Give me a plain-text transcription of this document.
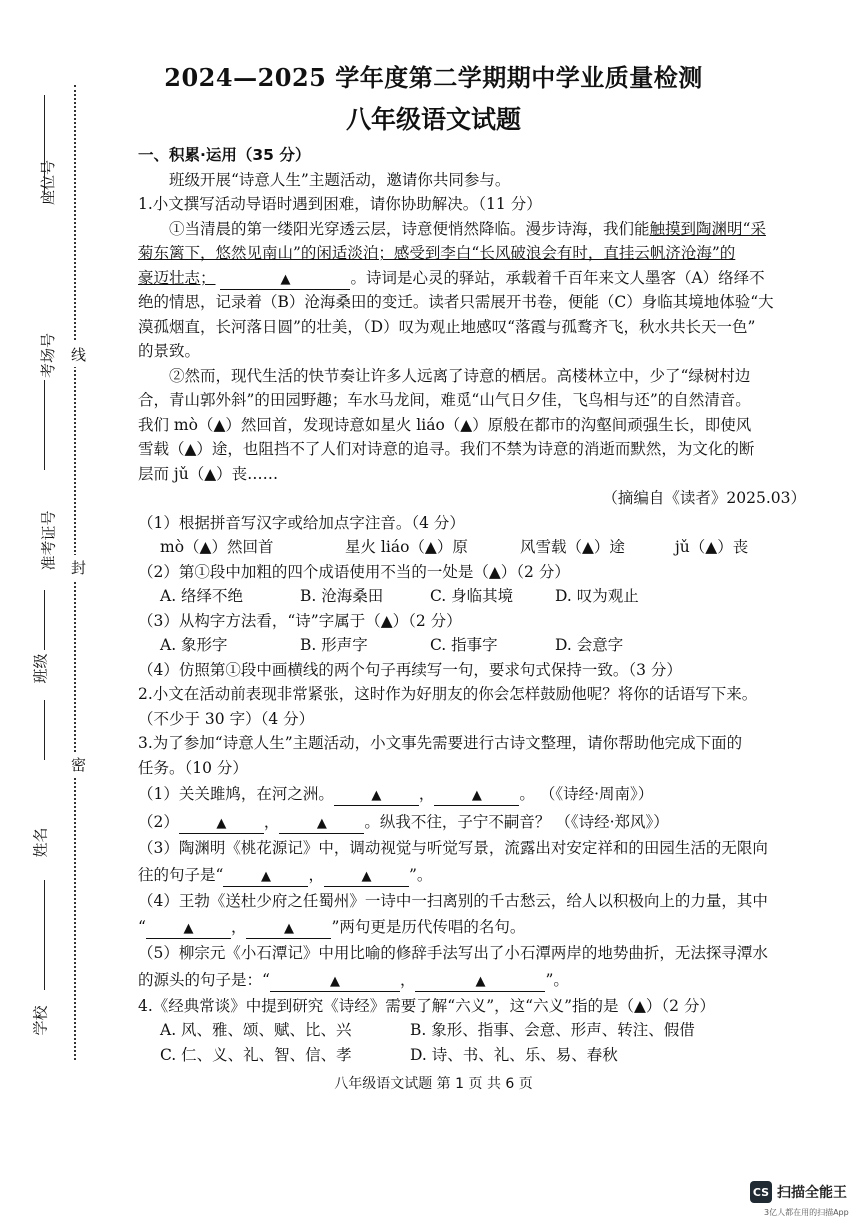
座位号
考场号
准考证号
班级
姓名
学校
线
封
密
2024—2025 学年度第二学期期中学业质量检测
八年级语文试题
一、积累·运用（35 分）
班级开展“诗意人生”主题活动，邀请你共同参与。
1.小文撰写活动导语时遇到困难，请你协助解决。（11 分）
①当清晨的第一缕阳光穿透云层，诗意便悄然降临。漫步诗海，我们能触摸到陶渊明“采
菊东篱下，悠然见南山”的闲适淡泊；感受到李白“长风破浪会有时，直挂云帆济沧海”的
豪迈壮志；	▲	。诗词是心灵的驿站，承载着千百年来文人墨客（A）络绎不
绝的情思，记录着（B）沧海桑田的变迁。读者只需展开书卷，便能（C）身临其境地体验“大
漠孤烟直，长河落日圆”的壮美，（D）叹为观止地感叹“落霞与孤鹜齐飞，秋水共长天一色”
的景致。
②然而，现代生活的快节奏让许多人远离了诗意的栖居。高楼林立中，少了“绿树村边
合，青山郭外斜”的田园野趣；车水马龙间，难觅“山气日夕佳，飞鸟相与还”的自然清音。
我们 mò（▲）然回首，发现诗意如星火 liáo（▲）原般在都市的沟壑间顽强生长，即使风
雪载（▲）途，也阻挡不了人们对诗意的追寻。我们不禁为诗意的消逝而默然，为文化的断
层而 jǔ（▲）丧……
（摘编自《读者》2025.03）
（1）根据拼音写汉字或给加点字注音。（4 分）
mò（▲）然回首	星火 liáo（▲）原	风雪载（▲）途	jǔ（▲）丧
（2）第①段中加粗的四个成语使用不当的一处是（▲）（2 分）
A. 络绎不绝	B. 沧海桑田	C. 身临其境	D. 叹为观止
（3）从构字方法看，“诗”字属于（▲）（2 分）
A. 象形字	B. 形声字	C. 指事字	D. 会意字
（4）仿照第①段中画横线的两个句子再续写一句，要求句式保持一致。（3 分）
2.小文在活动前表现非常紧张，这时作为好朋友的你会怎样鼓励他呢？将你的话语写下来。
（不少于 30 字）（4 分）
3.为了参加“诗意人生”主题活动，小文事先需要进行古诗文整理，请你帮助他完成下面的
任务。（10 分）
（1）关关雎鸠，在河之洲。	▲ ，	▲ 。 （《诗经·周南》）
（2）	▲ ，	▲ 。纵我不往，子宁不嗣音？ （《诗经·郑风》）
（3）陶渊明《桃花源记》中，调动视觉与听觉写景，流露出对安定祥和的田园生活的无限向
往的句子是“	▲ ，	▲ ”。
（4）王勃《送杜少府之任蜀州》一诗中一扫离别的千古愁云，给人以积极向上的力量，其中
“	▲ ，	▲ ”两句更是历代传唱的名句。
（5）柳宗元《小石潭记》中用比喻的修辞手法写出了小石潭两岸的地势曲折，无法探寻潭水
的源头的句子是：“	▲	，	▲	”。
4.《经典常谈》中提到研究《诗经》需要了解“六义”，这“六义”指的是（▲）（2 分）
A. 风、雅、颂、赋、比、兴	B. 象形、指事、会意、形声、转注、假借
C. 仁、义、礼、智、信、孝	D. 诗、书、礼、乐、易、春秋
八年级语文试题 第 1 页 共 6 页
CS 扫描全能王
3亿人都在用的扫描App
